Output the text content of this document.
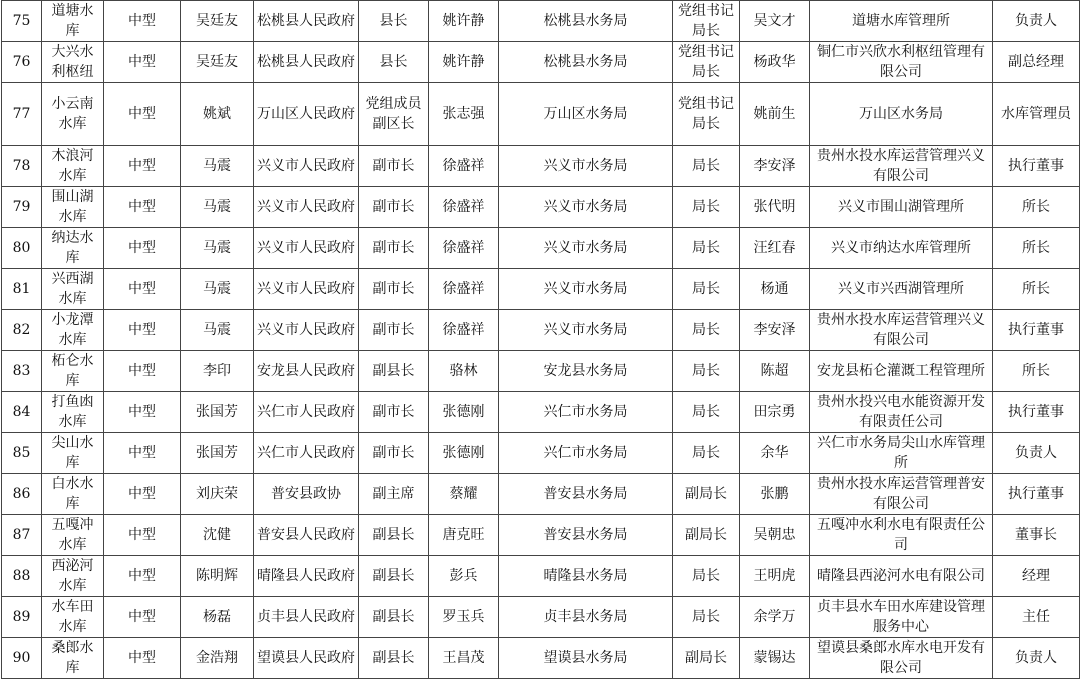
75	道塘水库	中型	吴廷友	松桃县人民政府	县长	姚许静	松桃县水务局	党组书记局长	吴文才	道塘水库管理所	负责人
76	大兴水利枢纽	中型	吴廷友	松桃县人民政府	县长	姚许静	松桃县水务局	党组书记局长	杨政华	铜仁市兴欣水利枢纽管理有限公司	副总经理
77	小云南水库	中型	姚斌	万山区人民政府	党组成员副区长	张志强	万山区水务局	党组书记局长	姚前生	万山区水务局	水库管理员
78	木浪河水库	中型	马震	兴义市人民政府	副市长	徐盛祥	兴义市水务局	局长	李安泽	贵州水投水库运营管理兴义有限公司	执行董事
79	围山湖水库	中型	马震	兴义市人民政府	副市长	徐盛祥	兴义市水务局	局长	张代明	兴义市围山湖管理所	所长
80	纳达水库	中型	马震	兴义市人民政府	副市长	徐盛祥	兴义市水务局	局长	汪红春	兴义市纳达水库管理所	所长
81	兴西湖水库	中型	马震	兴义市人民政府	副市长	徐盛祥	兴义市水务局	局长	杨通	兴义市兴西湖管理所	所长
82	小龙潭水库	中型	马震	兴义市人民政府	副市长	徐盛祥	兴义市水务局	局长	李安泽	贵州水投水库运营管理兴义有限公司	执行董事
83	柘仑水库	中型	李印	安龙县人民政府	副县长	骆林	安龙县水务局	局长	陈超	安龙县柘仑灌溉工程管理所	所长
84	打鱼凼水库	中型	张国芳	兴仁市人民政府	副市长	张德刚	兴仁市水务局	局长	田宗勇	贵州水投兴电水能资源开发有限责任公司	执行董事
85	尖山水库	中型	张国芳	兴仁市人民政府	副市长	张德刚	兴仁市水务局	局长	余华	兴仁市水务局尖山水库管理所	负责人
86	白水水库	中型	刘庆荣	普安县政协	副主席	蔡耀	普安县水务局	副局长	张鹏	贵州水投水库运营管理普安有限公司	执行董事
87	五嘎冲水库	中型	沈健	普安县人民政府	副县长	唐克旺	普安县水务局	副局长	吴朝忠	五嘎冲水利水电有限责任公司	董事长
88	西泌河水库	中型	陈明辉	晴隆县人民政府	副县长	彭兵	晴隆县水务局	局长	王明虎	晴隆县西泌河水电有限公司	经理
89	水车田水库	中型	杨磊	贞丰县人民政府	副县长	罗玉兵	贞丰县水务局	局长	余学万	贞丰县水车田水库建设管理服务中心	主任
90	桑郎水库	中型	金浩翔	望谟县人民政府	副县长	王昌茂	望谟县水务局	副局长	蒙锡达	望谟县桑郎水库水电开发有限公司	负责人
